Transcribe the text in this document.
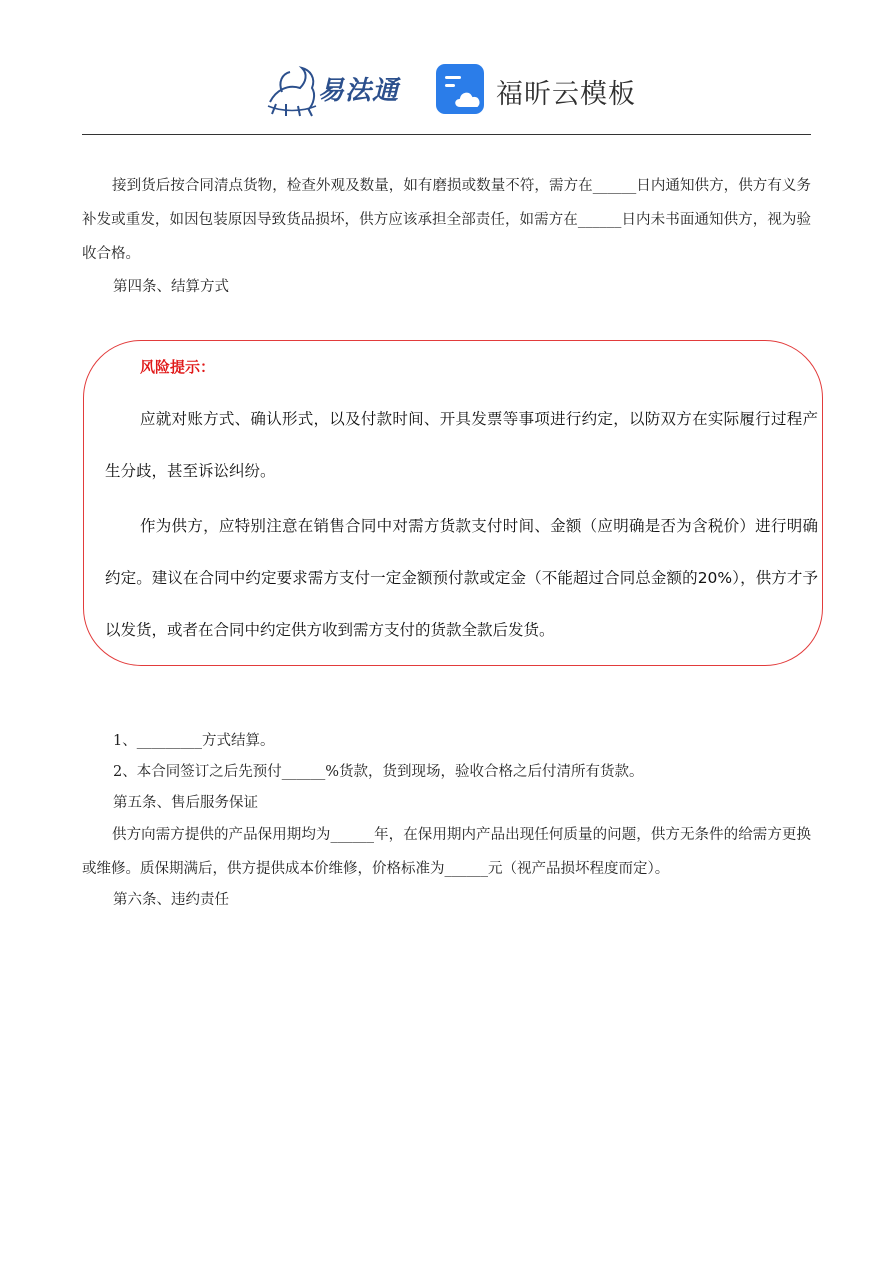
易法通	福昕云模板

接到货后按合同清点货物，检查外观及数量，如有磨损或数量不符，需方在______日内通知供方，供方有义务补发或重发，如因包装原因导致货品损坏，供方应该承担全部责任，如需方在______日内未书面通知供方，视为验收合格。

第四条、结算方式

风险提示：

应就对账方式、确认形式，以及付款时间、开具发票等事项进行约定，以防双方在实际履行过程产生分歧，甚至诉讼纠纷。

作为供方，应特别注意在销售合同中对需方货款支付时间、金额（应明确是否为含税价）进行明确约定。建议在合同中约定要求需方支付一定金额预付款或定金（不能超过合同总金额的20%），供方才予以发货，或者在合同中约定供方收到需方支付的货款全款后发货。

1、_________方式结算。

2、本合同签订之后先预付______%货款，货到现场，验收合格之后付清所有货款。

第五条、售后服务保证

供方向需方提供的产品保用期均为______年，在保用期内产品出现任何质量的问题，供方无条件的给需方更换或维修。质保期满后，供方提供成本价维修，价格标准为______元（视产品损坏程度而定）。

第六条、违约责任
